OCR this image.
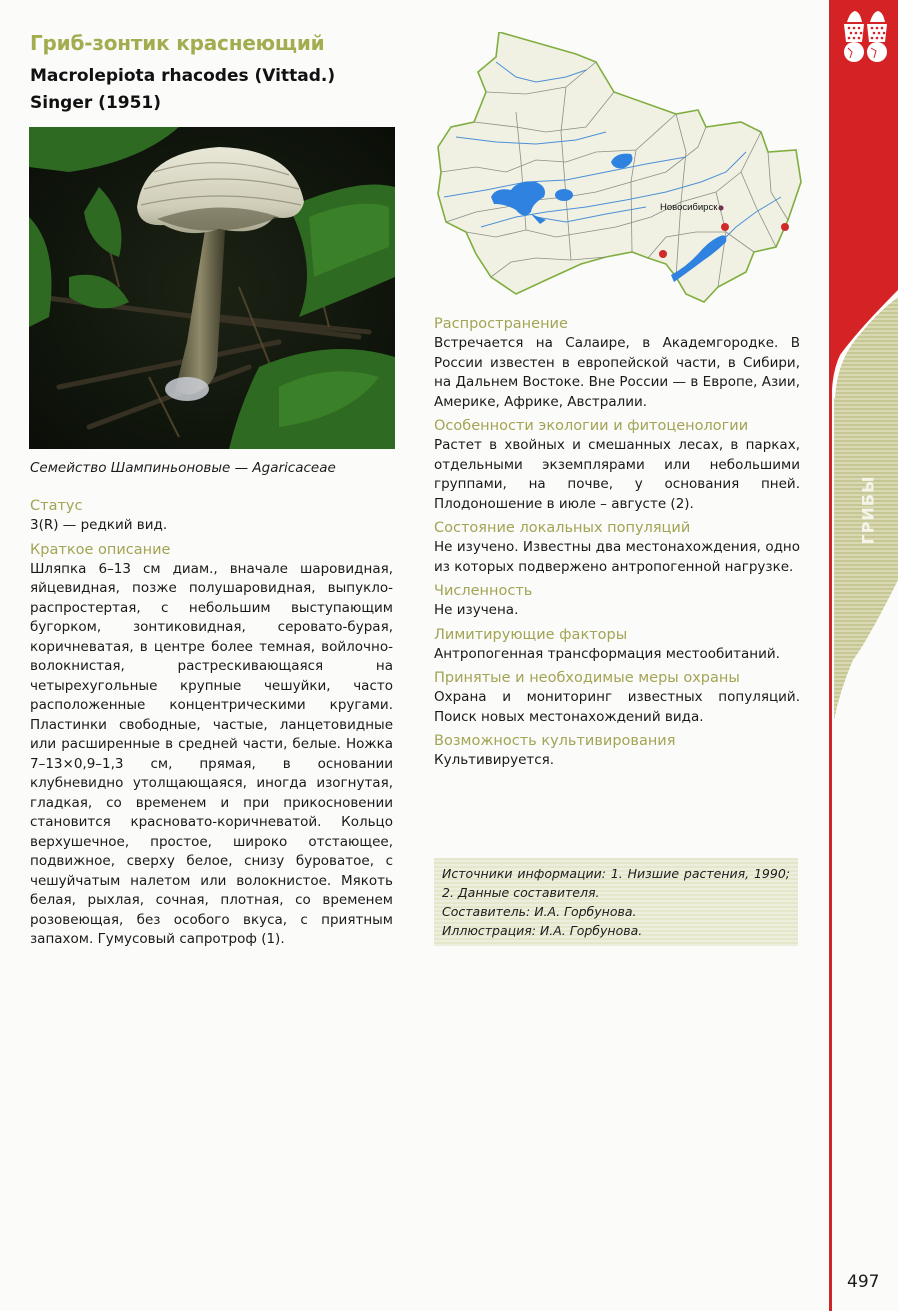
Гриб-зонтик краснеющий
Macrolepiota rhacodes (Vittad.)
Singer (1951)
Семейство Шампиньоновые — Agaricaceae
Статус
3(R) — редкий вид.
Краткое описание
Шляпка 6–13 см диам., вначале шаровидная, яйцевидная, позже полушаровидная, выпукло-распростертая, с небольшим выступающим бугорком, зонтиковидная, серовато-бурая, коричневатая, в центре более темная, войлочно-волокнистая, растрескивающаяся на четырехугольные крупные чешуйки, часто расположенные концентрическими кругами. Пластинки свободные, частые, ланцетовидные или расширенные в средней части, белые. Ножка 7–13×0,9–1,3 см, прямая, в основании клубневидно утолщающаяся, иногда изогнутая, гладкая, со временем и при прикосновении становится красновато-коричневатой. Кольцо верхушечное, простое, широко отстающее, подвижное, сверху белое, снизу буроватое, с чешуйчатым налетом или волокнистое. Мякоть белая, рыхлая, сочная, плотная, со временем розовеющая, без особого вкуса, с приятным запахом. Гумусовый сапротроф (1).
Новосибирск
Распространение
Встречается на Салаире, в Академгородке. В России известен в европейской части, в Сибири, на Дальнем Востоке. Вне России — в Европе, Азии, Америке, Африке, Австралии.
Особенности экологии и фитоценологии
Растет в хвойных и смешанных лесах, в парках, отдельными экземплярами или небольшими группами, на почве, у основания пней. Плодоношение в июле – августе (2).
Состояние локальных популяций
Не изучено. Известны два местонахождения, одно из которых подвержено антропогенной нагрузке.
Численность
Не изучена.
Лимитирующие факторы
Антропогенная трансформация местообитаний.
Принятые и необходимые меры охраны
Охрана и мониторинг известных популяций. Поиск новых местонахождений вида.
Возможность культивирования
Культивируется.

Источники информации: 1. Низшие растения, 1990; 2. Данные составителя.

Составитель: И.А. Горбунова.

Иллюстрация: И.А. Горбунова.

ГРИБЫ
497
